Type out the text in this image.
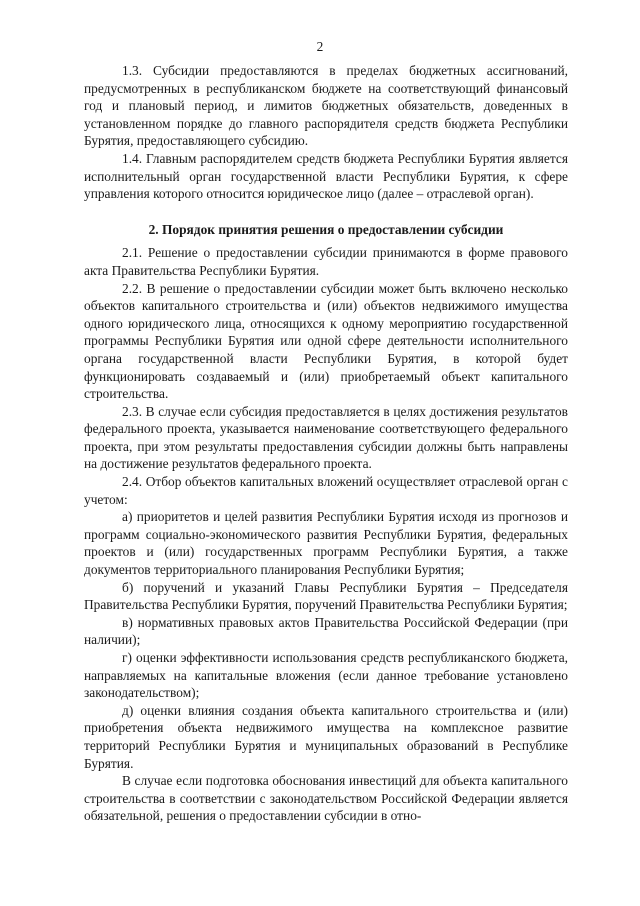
2

1.3. Субсидии предоставляются в пределах бюджетных ассигнований, предусмотренных в республиканском бюджете на соответствующий финансовый год и плановый период, и лимитов бюджетных обязательств, доведенных в установленном порядке до главного распорядителя средств бюджета Республики Бурятия, предоставляющего субсидию.

1.4. Главным распорядителем средств бюджета Республики Бурятия является исполнительный орган государственной власти Республики Бурятия, к сфере управления которого относится юридическое лицо (далее – отраслевой орган).

2. Порядок принятия решения о предоставлении субсидии

2.1. Решение о предоставлении субсидии принимаются в форме правового акта Правительства Республики Бурятия.

2.2. В решение о предоставлении субсидии может быть включено несколько объектов капитального строительства и (или) объектов недвижимого имущества одного юридического лица, относящихся к одному мероприятию государственной программы Республики Бурятия или одной сфере деятельности исполнительного органа государственной власти Республики Бурятия, в которой будет функционировать создаваемый и (или) приобретаемый объект капитального строительства.

2.3. В случае если субсидия предоставляется в целях достижения результатов федерального проекта, указывается наименование соответствующего федерального проекта, при этом результаты предоставления субсидии должны быть направлены на достижение результатов федерального проекта.

2.4. Отбор объектов капитальных вложений осуществляет отраслевой орган с учетом:

а) приоритетов и целей развития Республики Бурятия исходя из прогнозов и программ социально-экономического развития Республики Бурятия, федеральных проектов и (или) государственных программ Республики Бурятия, а также документов территориального планирования Республики Бурятия;

б) поручений и указаний Главы Республики Бурятия – Председателя Правительства Республики Бурятия, поручений Правительства Республики Бурятия;

в) нормативных правовых актов Правительства Российской Федерации (при наличии);

г) оценки эффективности использования средств республиканского бюджета, направляемых на капитальные вложения (если данное требование установлено законодательством);

д) оценки влияния создания объекта капитального строительства и (или) приобретения объекта недвижимого имущества на комплексное развитие территорий Республики Бурятия и муниципальных образований в Республике Бурятия.

В случае если подготовка обоснования инвестиций для объекта капитального строительства в соответствии с законодательством Российской Федерации является обязательной, решения о предоставлении субсидии в отно-
